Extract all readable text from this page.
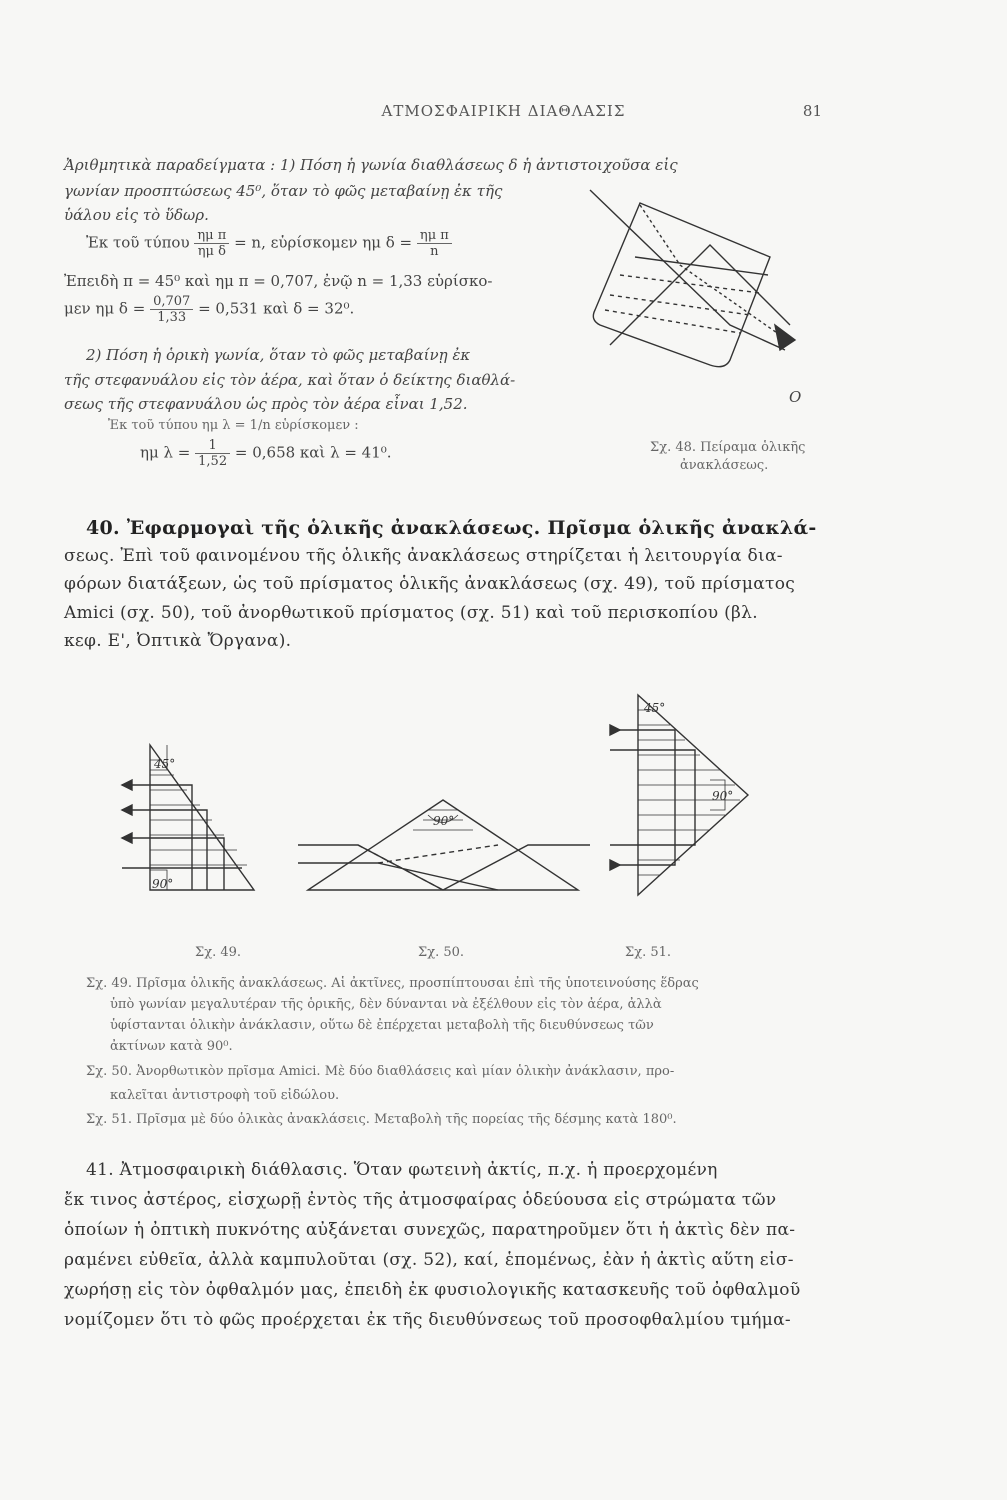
ΑΤΜΟΣΦΑΙΡΙΚΗ ΔΙΑΘΛΑΣΙΣ	81
Ἀριθμητικὰ παραδείγματα : 1) Πόση ἡ γωνία διαθλάσεως δ ἡ ἀντιστοιχοῦσα εἰς
γωνίαν προσπτώσεως 45⁰, ὅταν τὸ φῶς μεταβαίνῃ ἐκ τῆς
ὑάλου εἰς τὸ ὕδωρ.
Ἐκ τοῦ τύπου $\frac{\text{ημ π}}{\text{ημ δ}} = n$, εὑρίσκομεν ημ $\delta = \frac{\text{ημ π}}{n}$
Ἐπειδὴ π = 45⁰ καὶ ημ π = 0,707, ἐνῷ n = 1,33 εὑρίσκο-
μεν ημ $\delta = \frac{0,707}{1,33} = 0,531$ καὶ δ = 32⁰.
2) Πόση ἡ ὁρικὴ γωνία, ὅταν τὸ φῶς μεταβαίνῃ ἐκ
τῆς στεφανυάλου εἰς τὸν ἀέρα, καὶ ὅταν ὁ δείκτης διαθλά-
σεως τῆς στεφανυάλου ὡς πρὸς τὸν ἀέρα εἶναι 1,52.
Ἐκ τοῦ τύπου ημ λ = 1/n εὑρίσκομεν :
ημ $\lambda = \frac{1}{1,52} = 0,658$ καὶ λ = 41⁰.
O
Σχ. 48. Πείραμα ὁλικῆς
ἀνακλάσεως.
40. Ἐφαρμογαὶ τῆς ὁλικῆς ἀνακλάσεως. Πρῖσμα ὁλικῆς ἀνακλά-
σεως. Ἐπὶ τοῦ φαινομένου τῆς ὁλικῆς ἀνακλάσεως στηρίζεται ἡ λειτουργία δια-
φόρων διατάξεων, ὡς τοῦ πρίσματος ὁλικῆς ἀνακλάσεως (σχ. 49), τοῦ πρίσματος
Amici (σχ. 50), τοῦ ἀνορθωτικοῦ πρίσματος (σχ. 51) καὶ τοῦ περισκοπίου (βλ.
κεφ. Ε', Ὀπτικὰ Ὄργανα).
45°
90°
90°
45°
90°
Σχ. 49.	Σχ. 50.	Σχ. 51.
Σχ. 49. Πρῖσμα ὁλικῆς ἀνακλάσεως. Αἱ ἀκτῖνες, προσπίπτουσαι ἐπὶ τῆς ὑποτεινούσης ἕδρας
ὑπὸ γωνίαν μεγαλυτέραν τῆς ὁρικῆς, δὲν δύνανται νὰ ἐξέλθουν εἰς τὸν ἀέρα, ἀλλὰ
ὑφίστανται ὁλικὴν ἀνάκλασιν, οὕτω δὲ ἐπέρχεται μεταβολὴ τῆς διευθύνσεως τῶν
ἀκτίνων κατὰ 90⁰.
Σχ. 50. Ἀνορθωτικὸν πρῖσμα Amici. Μὲ δύο διαθλάσεις καὶ μίαν ὁλικὴν ἀνάκλασιν, προ-
καλεῖται ἀντιστροφὴ τοῦ εἰδώλου.
Σχ. 51. Πρῖσμα μὲ δύο ὁλικὰς ἀνακλάσεις. Μεταβολὴ τῆς πορείας τῆς δέσμης κατὰ 180⁰.
41. Ἀτμοσφαιρικὴ διάθλασις. Ὅταν φωτεινὴ ἀκτίς, π.χ. ἡ προερχομένη
ἔκ τινος ἀστέρος, εἰσχωρῇ ἐντὸς τῆς ἀτμοσφαίρας ὁδεύουσα εἰς στρώματα τῶν
ὁποίων ἡ ὀπτικὴ πυκνότης αὐξάνεται συνεχῶς, παρατηροῦμεν ὅτι ἡ ἀκτὶς δὲν πα-
ραμένει εὐθεῖα, ἀλλὰ καμπυλοῦται (σχ. 52), καί, ἑπομένως, ἐὰν ἡ ἀκτὶς αὕτη εἰσ-
χωρήσῃ εἰς τὸν ὀφθαλμόν μας, ἐπειδὴ ἐκ φυσιολογικῆς κατασκευῆς τοῦ ὀφθαλμοῦ
νομίζομεν ὅτι τὸ φῶς προέρχεται ἐκ τῆς διευθύνσεως τοῦ προσοφθαλμίου τμήμα-
